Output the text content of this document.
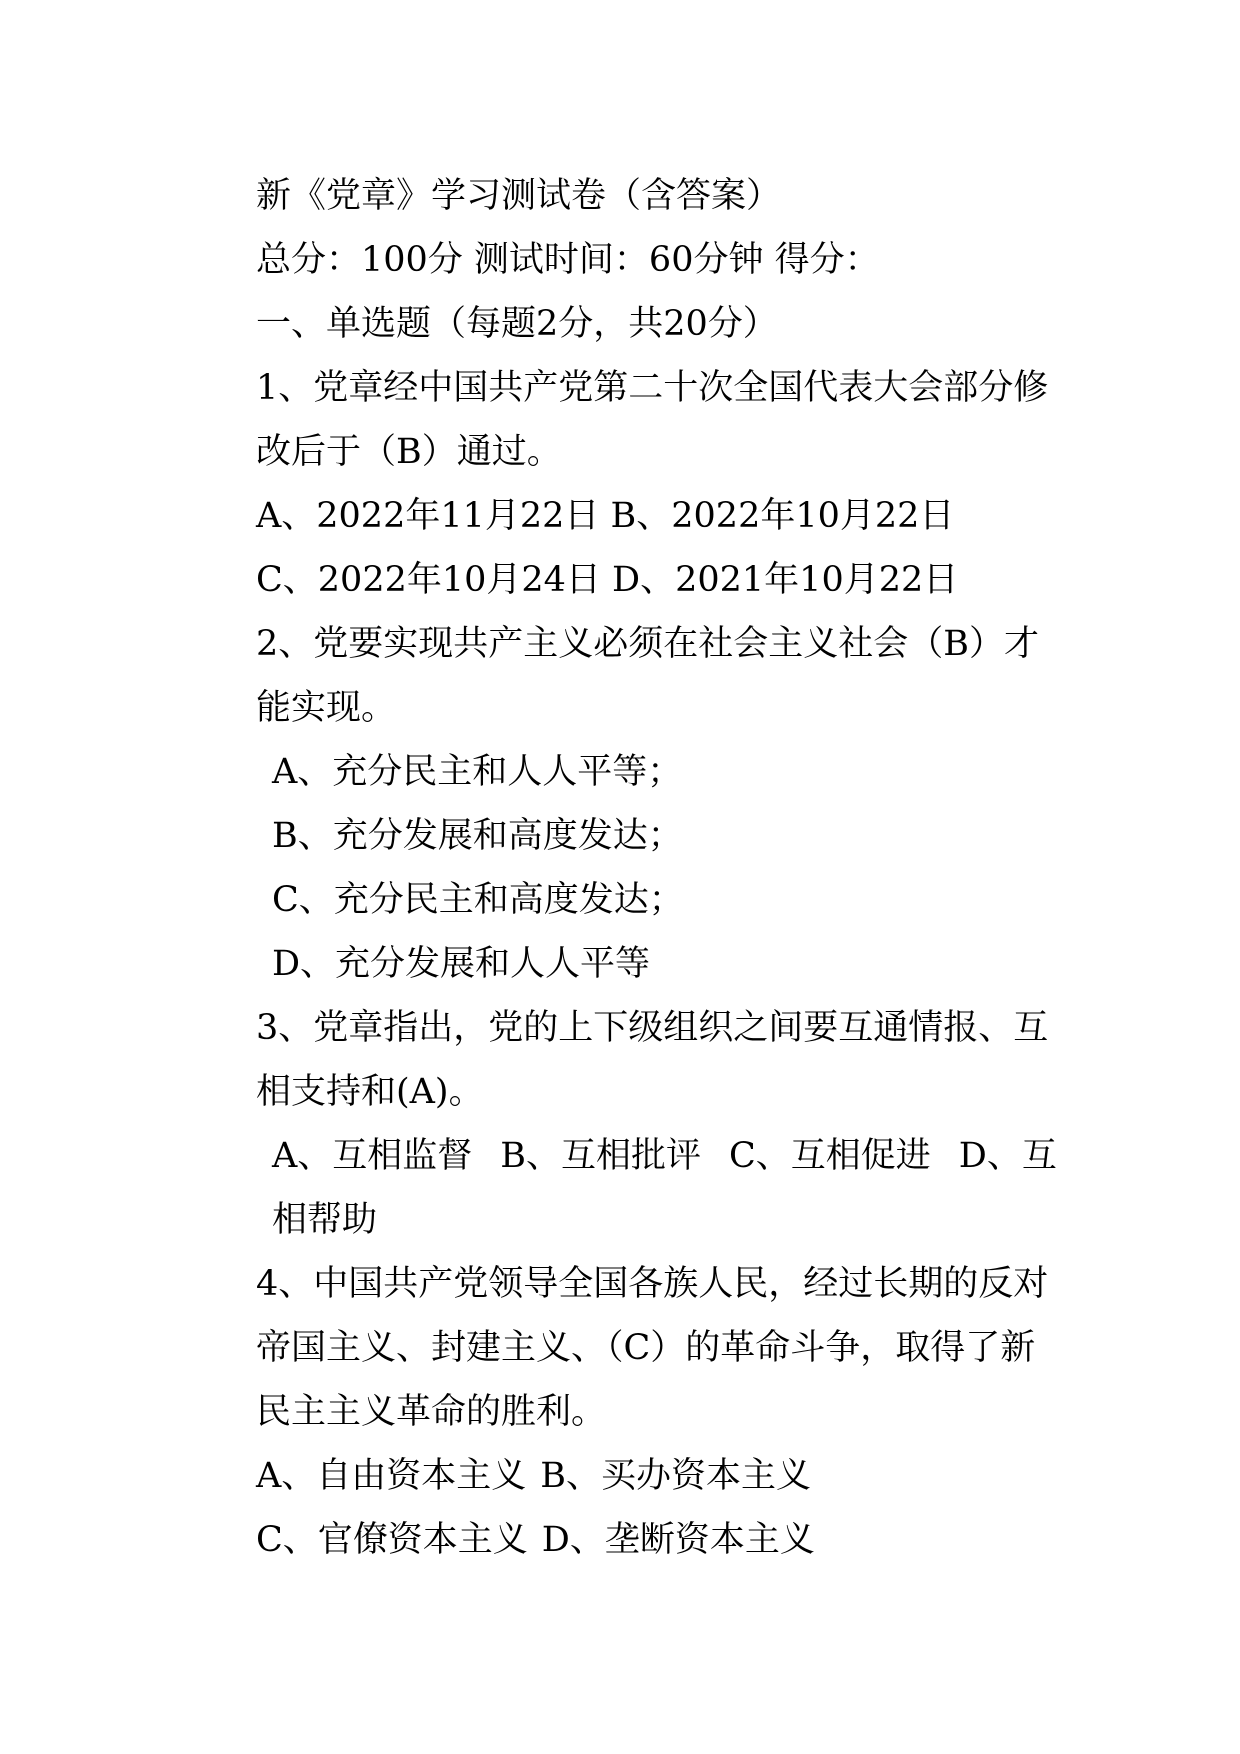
新《党章》学习测试卷（含答案）
总分：100分 测试时间：60分钟 得分：
一、单选题（每题2分，共20分）
1、党章经中国共产党第二十次全国代表大会部分修改后于（B）通过。
A、2022年11月22日 B、2022年10月22日
C、2022年10月24日 D、2021年10月22日
2、党要实现共产主义必须在社会主义社会（B）才能实现。
A、充分民主和人人平等；
B、充分发展和高度发达；
C、充分民主和高度发达；
D、充分发展和人人平等
3、党章指出，党的上下级组织之间要互通情报、互相支持和(A)。
A、互相监督 B、互相批评 C、互相促进 D、互相帮助
4、中国共产党领导全国各族人民，经过长期的反对帝国主义、封建主义、（C）的革命斗争，取得了新民主主义革命的胜利。
A、自由资本主义 B、买办资本主义
C、官僚资本主义 D、垄断资本主义
